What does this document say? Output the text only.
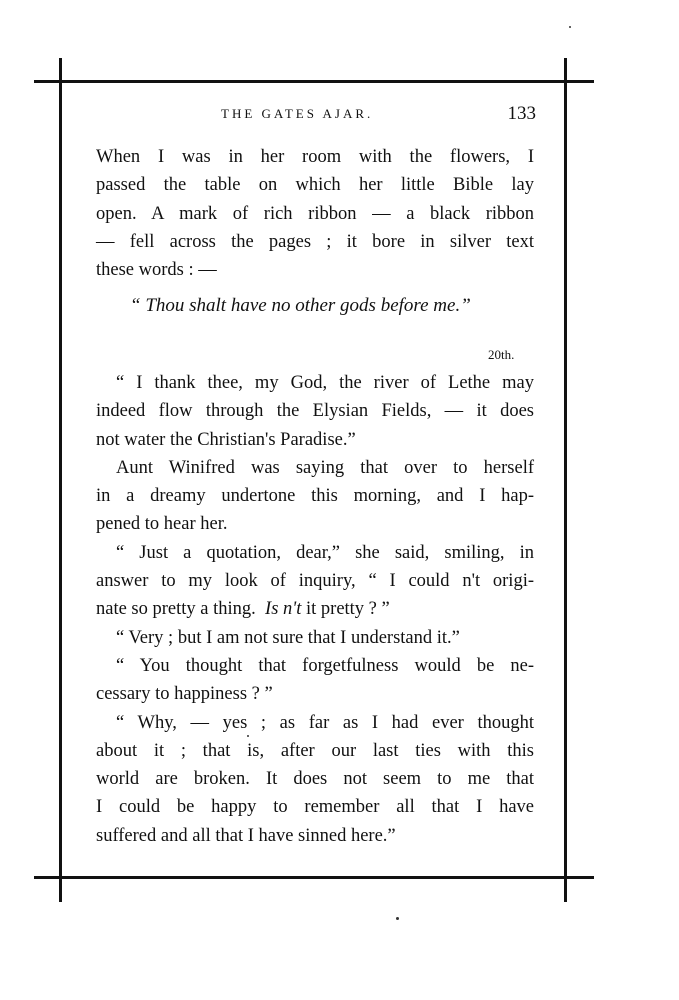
THE GATES AJAR.	133
When I was in her room with the flowers, I
passed the table on which her little Bible lay
open. A mark of rich ribbon — a black ribbon
— fell across the pages ; it bore in silver text
these words : —
“ Thou shalt have no other gods before me.”
20th.
“ I thank thee, my God, the river of Lethe may
indeed flow through the Elysian Fields, — it does
not water the Christian's Paradise.”
Aunt Winifred was saying that over to herself
in a dreamy undertone this morning, and I hap-
pened to hear her.
“ Just a quotation, dear,” she said, smiling, in
answer to my look of inquiry, “ I could n't origi-
nate so pretty a thing. Is n't it pretty ? ”
“ Very ; but I am not sure that I understand it.”
“ You thought that forgetfulness would be ne-
cessary to happiness ? ”
“ Why, — yes ; as far as I had ever thought
about it ; that is, after our last ties with this
world are broken. It does not seem to me that
I could be happy to remember all that I have
suffered and all that I have sinned here.”
